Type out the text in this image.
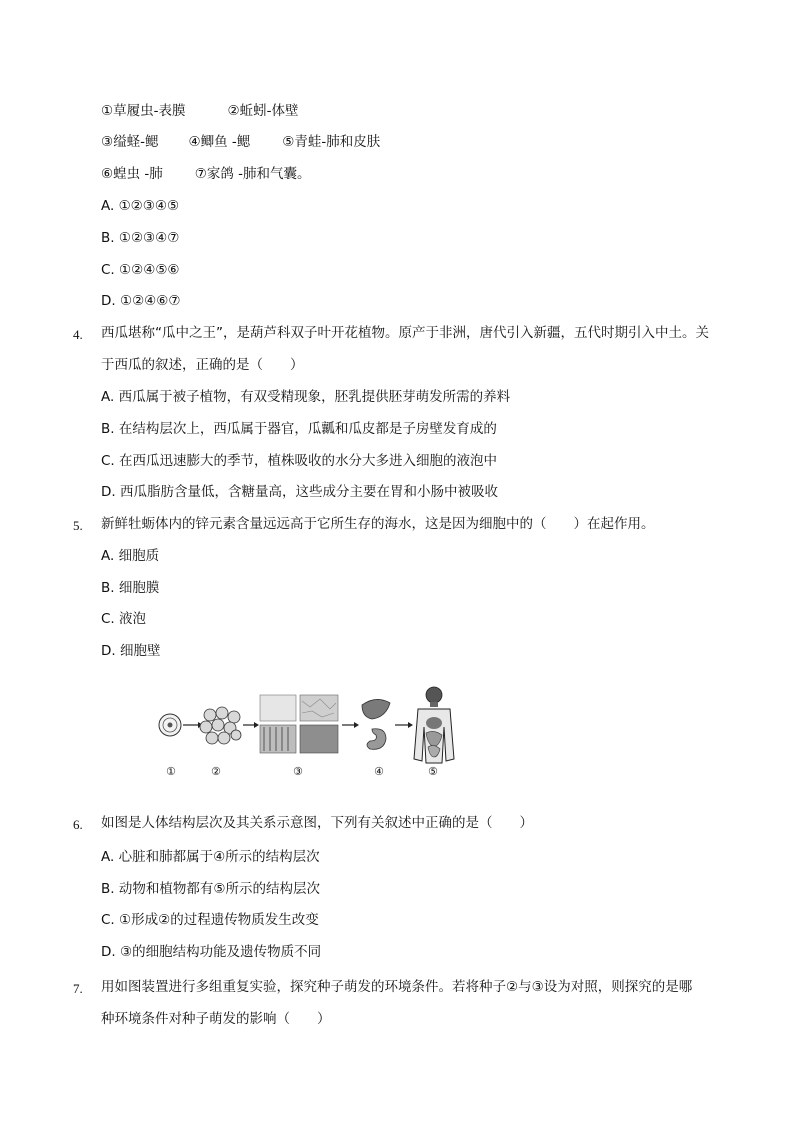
①草履虫-表膜	②蚯蚓-体壁
③缢蛏-鳃 ④鲫鱼 -鳃 ⑤青蛙-肺和皮肤
⑥蝗虫 -肺 ⑦家鸽 -肺和气囊。
A. ①②③④⑤
B. ①②③④⑦
C. ①②④⑤⑥
D. ①②④⑥⑦
4. 西瓜堪称“瓜中之王”，是葫芦科双子叶开花植物。原产于非洲，唐代引入新疆，五代时期引入中土。关
于西瓜的叙述，正确的是（　　）
A. 西瓜属于被子植物，有双受精现象，胚乳提供胚芽萌发所需的养料
B. 在结构层次上，西瓜属于器官，瓜瓤和瓜皮都是子房壁发育成的
C. 在西瓜迅速膨大的季节，植株吸收的水分大多进入细胞的液泡中
D. 西瓜脂肪含量低，含糖量高，这些成分主要在胃和小肠中被吸收
5. 新鲜牡蛎体内的锌元素含量远远高于它所生存的海水，这是因为细胞中的（　　）在起作用。
A. 细胞质
B. 细胞膜
C. 液泡
D. 细胞壁
①	②	③	④	⑤
6. 如图是人体结构层次及其关系示意图，下列有关叙述中正确的是（　　）
A. 心脏和肺都属于④所示的结构层次
B. 动物和植物都有⑤所示的结构层次
C. ①形成②的过程遗传物质发生改变
D. ③的细胞结构功能及遗传物质不同
7. 用如图装置进行多组重复实验，探究种子萌发的环境条件。若将种子②与③设为对照，则探究的是哪
种环境条件对种子萌发的影响（　　）
